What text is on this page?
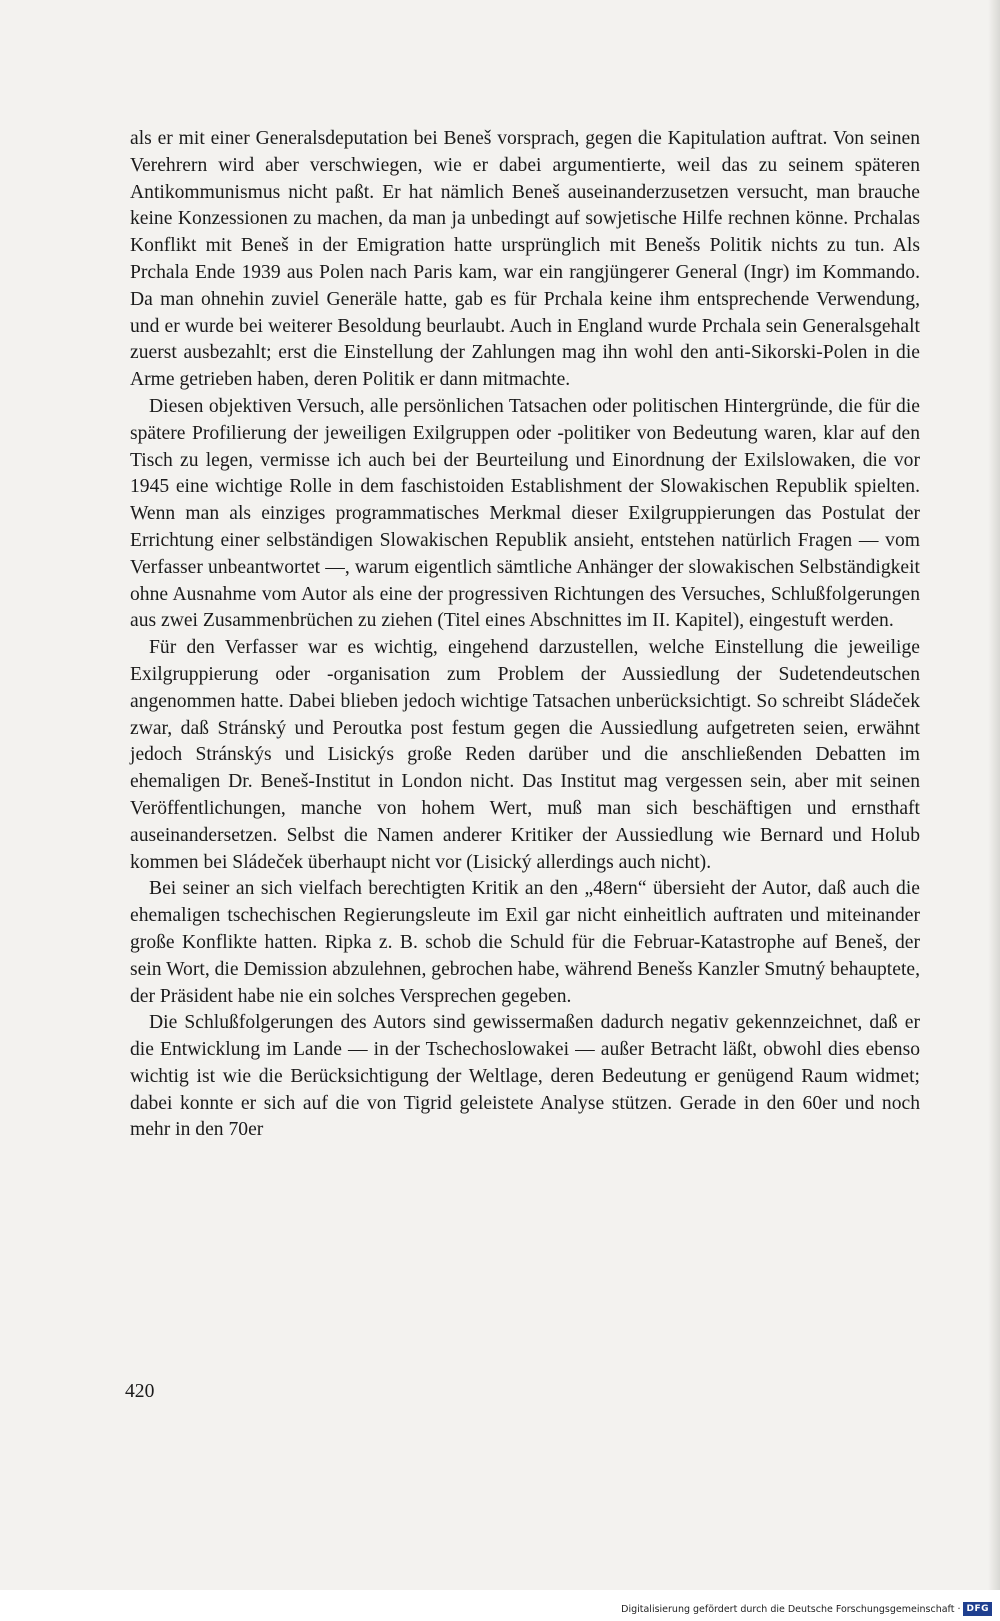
als er mit einer Generalsdeputation bei Beneš vorsprach, gegen die Kapitulation auftrat. Von seinen Verehrern wird aber verschwiegen, wie er dabei argumentierte, weil das zu seinem späteren Antikommunismus nicht paßt. Er hat nämlich Beneš auseinanderzusetzen versucht, man brauche keine Konzessionen zu machen, da man ja unbedingt auf sowjetische Hilfe rechnen könne. Prchalas Konflikt mit Beneš in der Emigration hatte ursprünglich mit Benešs Politik nichts zu tun. Als Prchala Ende 1939 aus Polen nach Paris kam, war ein rangjüngerer General (Ingr) im Kommando. Da man ohnehin zuviel Generäle hatte, gab es für Prchala keine ihm entsprechende Verwendung, und er wurde bei weiterer Besoldung beurlaubt. Auch in England wurde Prchala sein Generalsgehalt zuerst ausbezahlt; erst die Einstellung der Zahlungen mag ihn wohl den anti-Sikorski-Polen in die Arme getrieben haben, deren Politik er dann mitmachte.

Diesen objektiven Versuch, alle persönlichen Tatsachen oder politischen Hintergründe, die für die spätere Profilierung der jeweiligen Exilgruppen oder -politiker von Bedeutung waren, klar auf den Tisch zu legen, vermisse ich auch bei der Beurteilung und Einordnung der Exilslowaken, die vor 1945 eine wichtige Rolle in dem faschistoiden Establishment der Slowakischen Republik spielten. Wenn man als einziges programmatisches Merkmal dieser Exilgruppierungen das Postulat der Errichtung einer selbständigen Slowakischen Republik ansieht, entstehen natürlich Fragen — vom Verfasser unbeantwortet —, warum eigentlich sämtliche Anhänger der slowakischen Selbständigkeit ohne Ausnahme vom Autor als eine der progressiven Richtungen des Versuches, Schlußfolgerungen aus zwei Zusammenbrüchen zu ziehen (Titel eines Abschnittes im II. Kapitel), eingestuft werden.

Für den Verfasser war es wichtig, eingehend darzustellen, welche Einstellung die jeweilige Exilgruppierung oder -organisation zum Problem der Aussiedlung der Sudetendeutschen angenommen hatte. Dabei blieben jedoch wichtige Tatsachen unberücksichtigt. So schreibt Sládeček zwar, daß Stránský und Peroutka post festum gegen die Aussiedlung aufgetreten seien, erwähnt jedoch Stránskýs und Lisickýs große Reden darüber und die anschließenden Debatten im ehemaligen Dr. Beneš-Institut in London nicht. Das Institut mag vergessen sein, aber mit seinen Veröffentlichungen, manche von hohem Wert, muß man sich beschäftigen und ernsthaft auseinandersetzen. Selbst die Namen anderer Kritiker der Aussiedlung wie Bernard und Holub kommen bei Sládeček überhaupt nicht vor (Lisický allerdings auch nicht).

Bei seiner an sich vielfach berechtigten Kritik an den „48ern“ übersieht der Autor, daß auch die ehemaligen tschechischen Regierungsleute im Exil gar nicht einheitlich auftraten und miteinander große Konflikte hatten. Ripka z. B. schob die Schuld für die Februar-Katastrophe auf Beneš, der sein Wort, die Demission abzulehnen, gebrochen habe, während Benešs Kanzler Smutný behauptete, der Präsident habe nie ein solches Versprechen gegeben.

Die Schlußfolgerungen des Autors sind gewissermaßen dadurch negativ gekennzeichnet, daß er die Entwicklung im Lande — in der Tschechoslowakei — außer Betracht läßt, obwohl dies ebenso wichtig ist wie die Berücksichtigung der Weltlage, deren Bedeutung er genügend Raum widmet; dabei konnte er sich auf die von Tigrid geleistete Analyse stützen. Gerade in den 60er und noch mehr in den 70er

420
Digitalisierung gefördert durch die Deutsche Forschungsgemeinschaft · DFG
